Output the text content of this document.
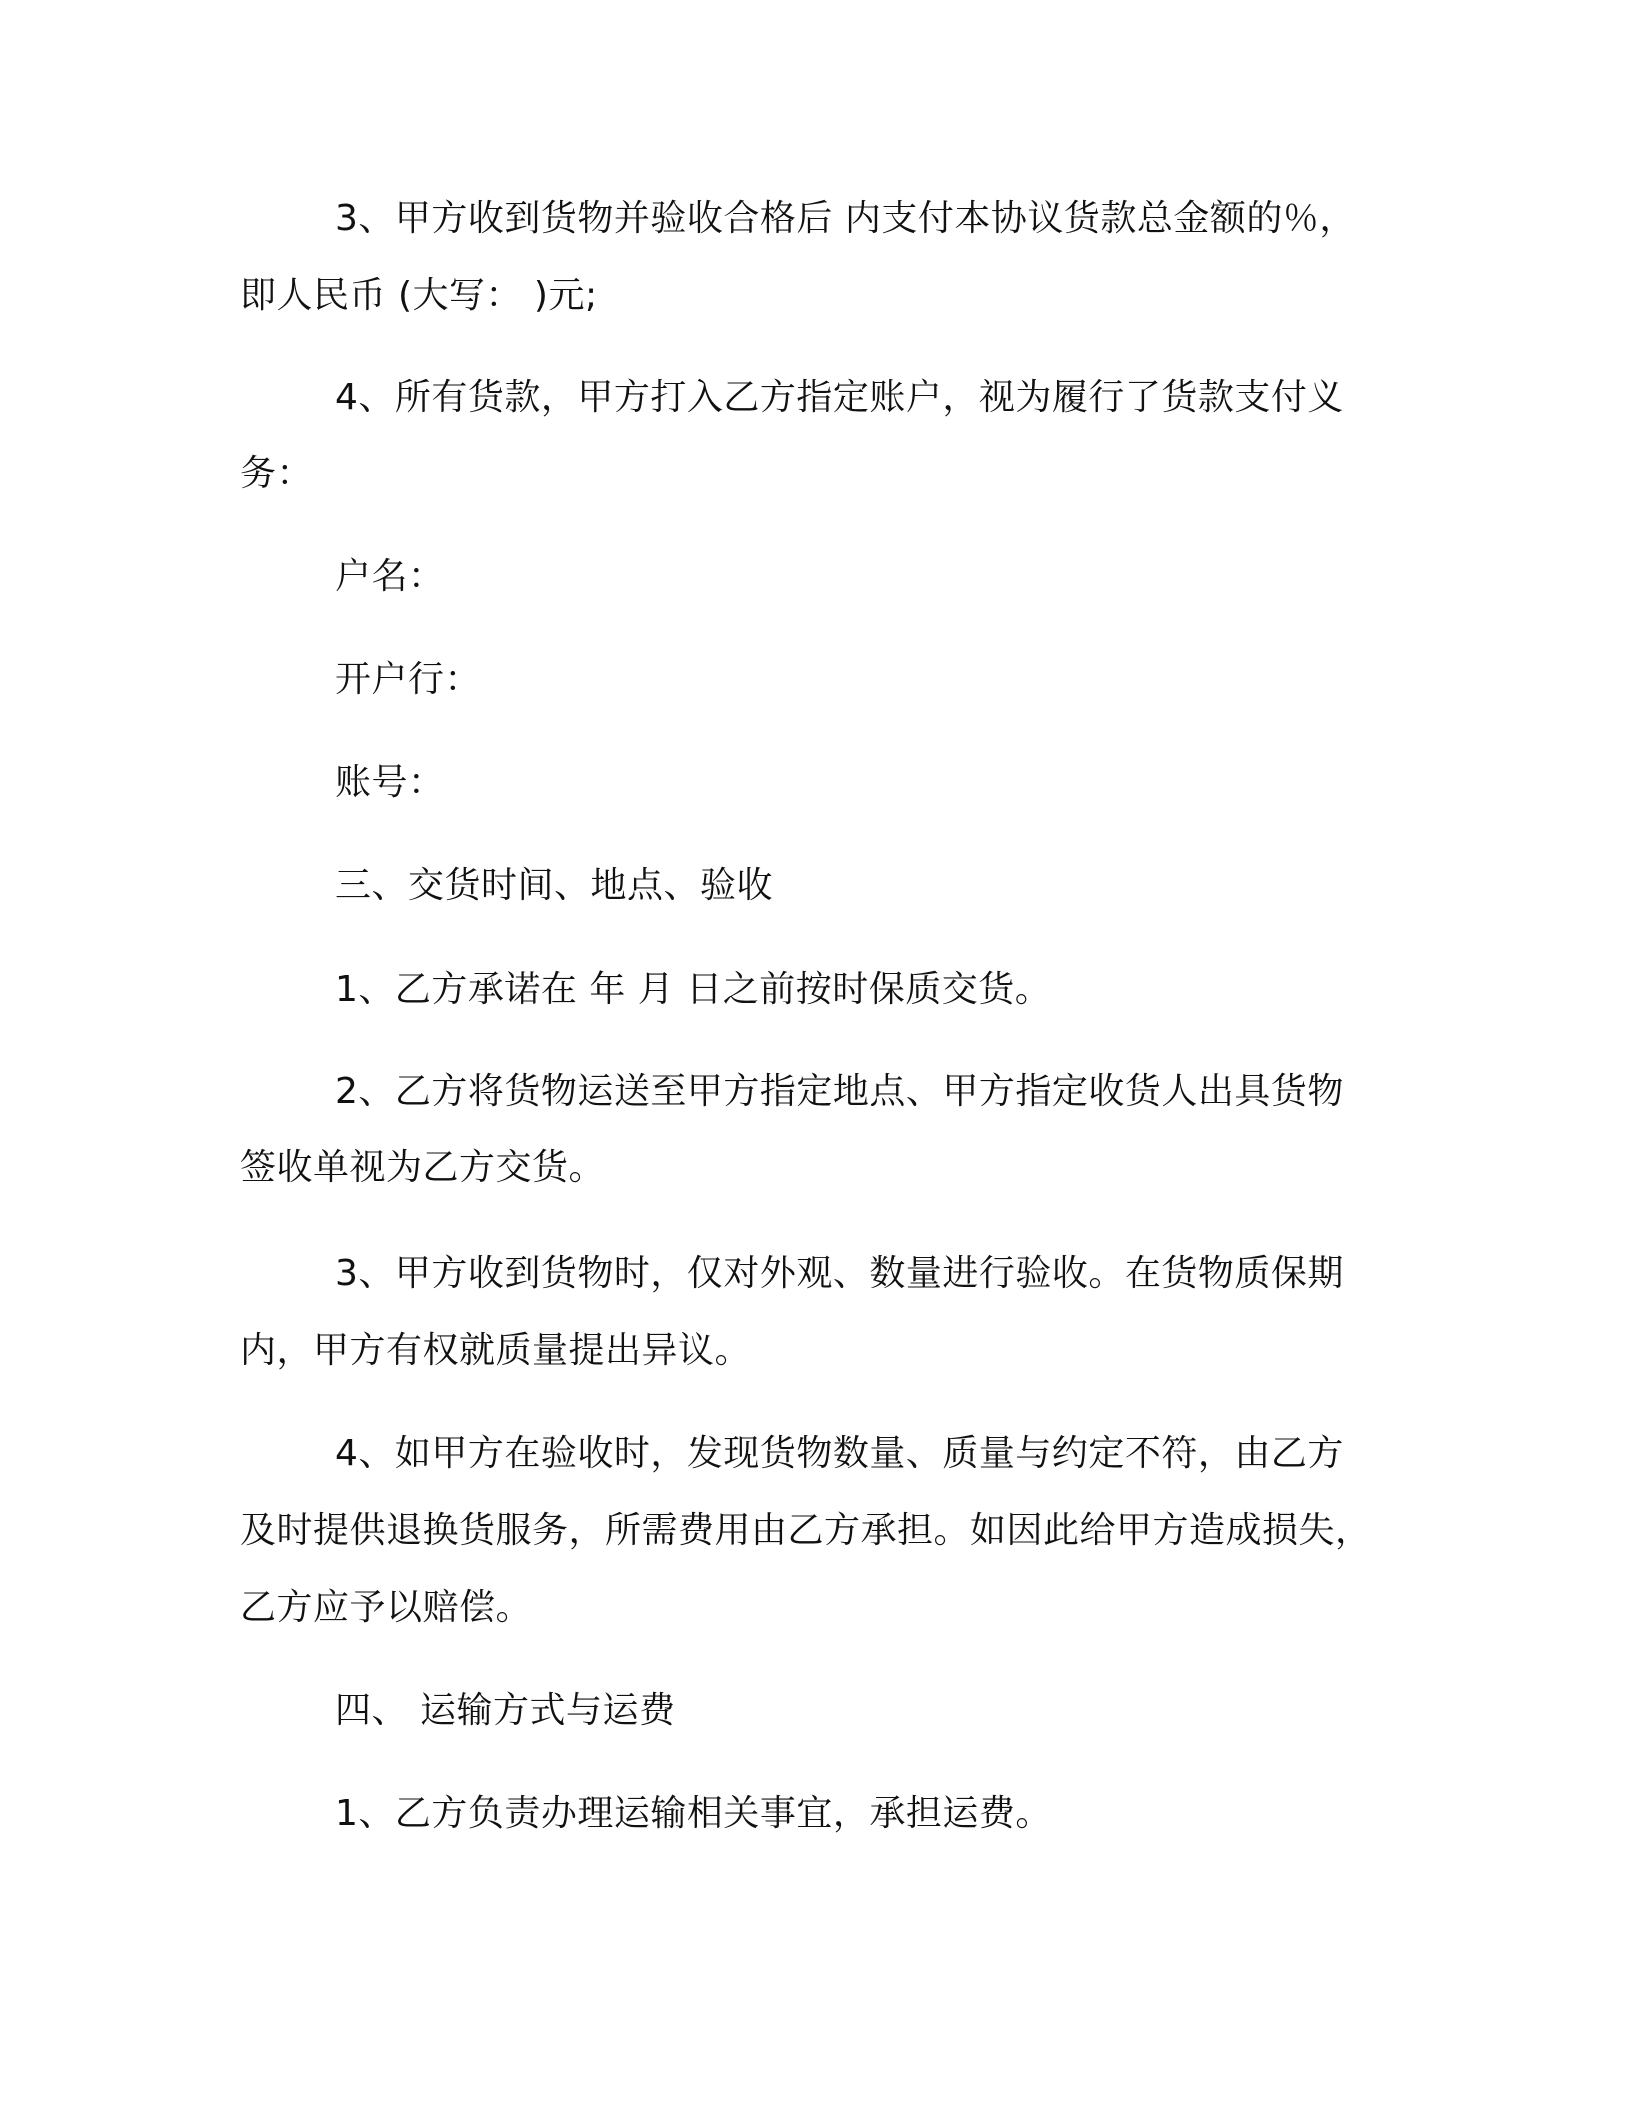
3、甲方收到货物并验收合格后 内支付本协议货款总金额的％，
即人民币 (大写： )元;
4、所有货款，甲方打入乙方指定账户，视为履行了货款支付义
务：
户名：
开户行：
账号：
三、交货时间、地点、验收
1、乙方承诺在 年 月 日之前按时保质交货。
2、乙方将货物运送至甲方指定地点、甲方指定收货人出具货物
签收单视为乙方交货。
3、甲方收到货物时，仅对外观、数量进行验收。在货物质保期
内，甲方有权就质量提出异议。
4、如甲方在验收时，发现货物数量、质量与约定不符，由乙方
及时提供退换货服务，所需费用由乙方承担。如因此给甲方造成损失，
乙方应予以赔偿。
四、 运输方式与运费
1、乙方负责办理运输相关事宜，承担运费。
